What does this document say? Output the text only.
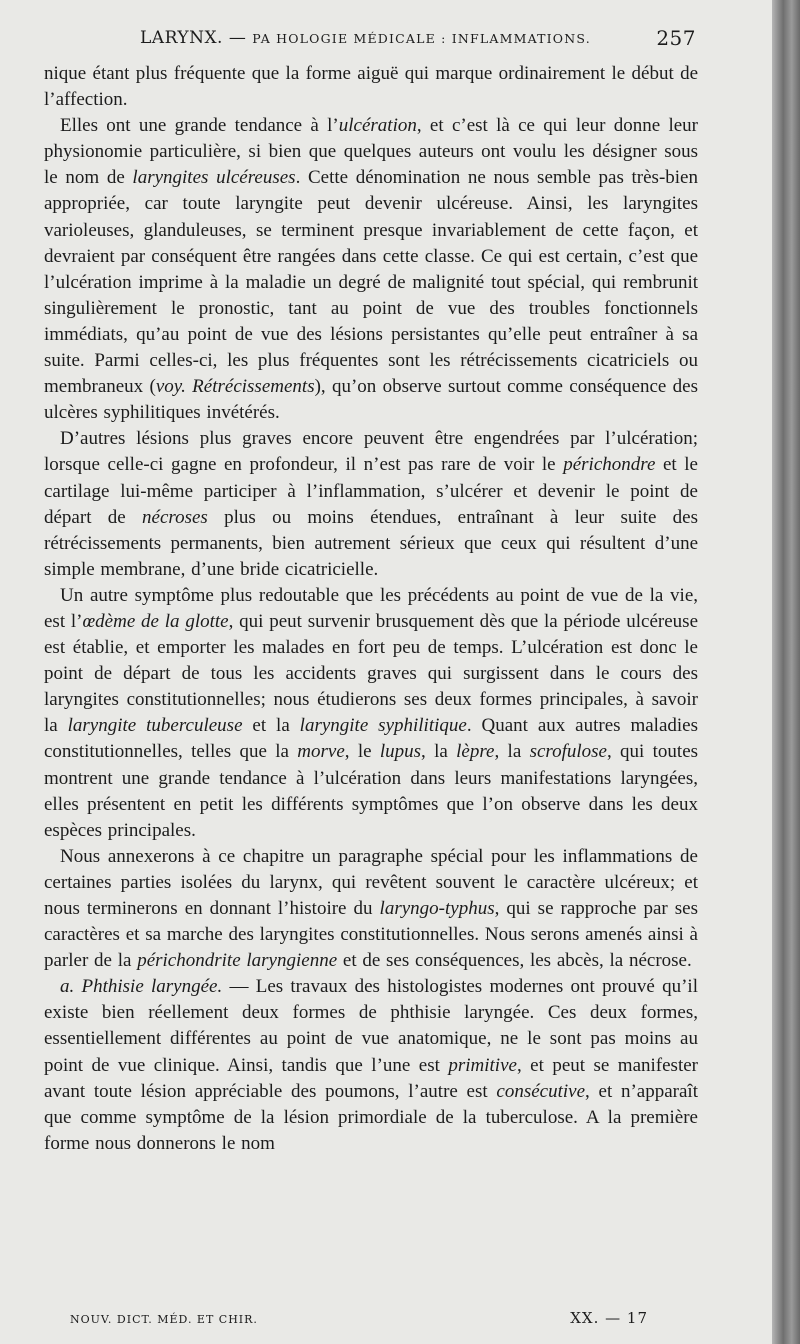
LARYNX. — PA HOLOGIE MÉDICALE : INFLAMMATIONS.	257

nique étant plus fréquente que la forme aiguë qui marque ordinairement le début de l’affection.

Elles ont une grande tendance à l’ulcération, et c’est là ce qui leur donne leur physionomie particulière, si bien que quelques auteurs ont voulu les désigner sous le nom de laryngites ulcéreuses. Cette dénomination ne nous semble pas très-bien appropriée, car toute laryngite peut devenir ulcéreuse. Ainsi, les laryngites varioleuses, glanduleuses, se terminent presque invariablement de cette façon, et devraient par conséquent être rangées dans cette classe. Ce qui est certain, c’est que l’ulcération imprime à la maladie un degré de malignité tout spécial, qui rembrunit singulièrement le pronostic, tant au point de vue des troubles fonctionnels immédiats, qu’au point de vue des lésions persistantes qu’elle peut entraîner à sa suite. Parmi celles-ci, les plus fréquentes sont les rétrécissements cicatriciels ou membraneux (voy. Rétrécissements), qu’on observe surtout comme conséquence des ulcères syphilitiques invétérés.

D’autres lésions plus graves encore peuvent être engendrées par l’ulcération; lorsque celle-ci gagne en profondeur, il n’est pas rare de voir le périchondre et le cartilage lui-même participer à l’inflammation, s’ulcérer et devenir le point de départ de nécroses plus ou moins étendues, entraînant à leur suite des rétrécissements permanents, bien autrement sérieux que ceux qui résultent d’une simple membrane, d’une bride cicatricielle.

Un autre symptôme plus redoutable que les précédents au point de vue de la vie, est l’œdème de la glotte, qui peut survenir brusquement dès que la période ulcéreuse est établie, et emporter les malades en fort peu de temps. L’ulcération est donc le point de départ de tous les accidents graves qui surgissent dans le cours des laryngites constitutionnelles; nous étudierons ses deux formes principales, à savoir la laryngite tuberculeuse et la laryngite syphilitique. Quant aux autres maladies constitutionnelles, telles que la morve, le lupus, la lèpre, la scrofulose, qui toutes montrent une grande tendance à l’ulcération dans leurs manifestations laryngées, elles présentent en petit les différents symptômes que l’on observe dans les deux espèces principales.

Nous annexerons à ce chapitre un paragraphe spécial pour les inflammations de certaines parties isolées du larynx, qui revêtent souvent le caractère ulcéreux; et nous terminerons en donnant l’histoire du laryngo-typhus, qui se rapproche par ses caractères et sa marche des laryngites constitutionnelles. Nous serons amenés ainsi à parler de la périchondrite laryngienne et de ses conséquences, les abcès, la nécrose.

a. Phthisie laryngée. — Les travaux des histologistes modernes ont prouvé qu’il existe bien réellement deux formes de phthisie laryngée. Ces deux formes, essentiellement différentes au point de vue anatomique, ne le sont pas moins au point de vue clinique. Ainsi, tandis que l’une est primitive, et peut se manifester avant toute lésion appréciable des poumons, l’autre est consécutive, et n’apparaît que comme symptôme de la lésion primordiale de la tuberculose. A la première forme nous donnerons le nom

NOUV. DICT. MÉD. ET CHIR.	XX. — 17
